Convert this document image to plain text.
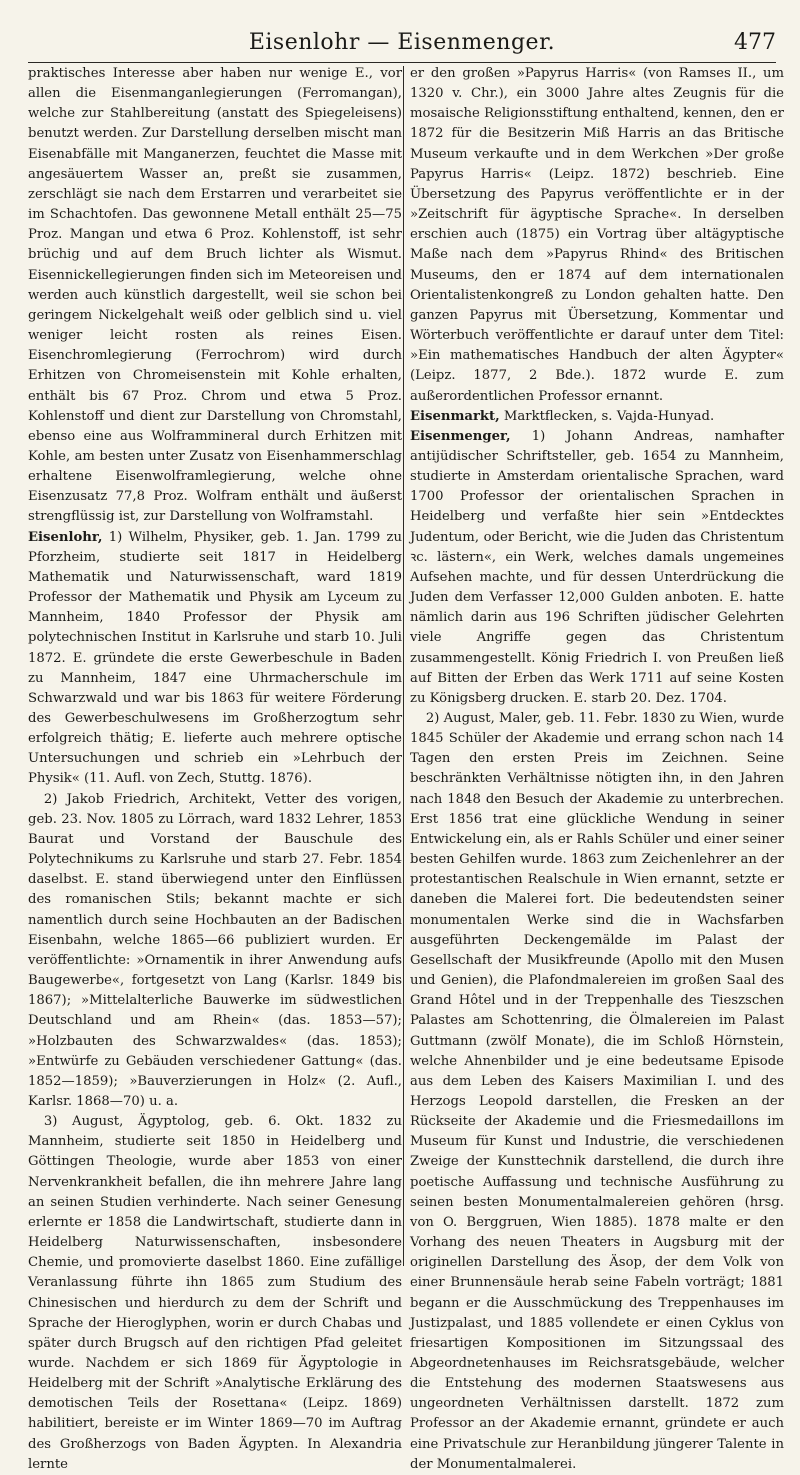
Eisenlohr — Eisenmenger.	477

praktisches Interesse aber haben nur wenige E., vor allen die Eisenmanganlegierungen (Ferromangan), welche zur Stahlbereitung (anstatt des Spiegeleisens) benutzt werden. Zur Darstellung derselben mischt man Eisenabfälle mit Manganerzen, feuchtet die Masse mit angesäuertem Wasser an, preßt sie zusammen, zerschlägt sie nach dem Erstarren und verarbeitet sie im Schachtofen. Das gewonnene Metall enthält 25—75 Proz. Mangan und etwa 6 Proz. Kohlenstoff, ist sehr brüchig und auf dem Bruch lichter als Wismut. Eisennickellegierungen finden sich im Meteoreisen und werden auch künstlich dargestellt, weil sie schon bei geringem Nickelgehalt weiß oder gelblich sind u. viel weniger leicht rosten als reines Eisen. Eisenchromlegierung (Ferrochrom) wird durch Erhitzen von Chromeisenstein mit Kohle erhalten, enthält bis 67 Proz. Chrom und etwa 5 Proz. Kohlenstoff und dient zur Darstellung von Chromstahl, ebenso eine aus Wolframmineral durch Erhitzen mit Kohle, am besten unter Zusatz von Eisenhammerschlag erhaltene Eisenwolframlegierung, welche ohne Eisenzusatz 77,8 Proz. Wolfram enthält und äußerst strengflüssig ist, zur Darstellung von Wolframstahl.

Eisenlohr, 1) Wilhelm, Physiker, geb. 1. Jan. 1799 zu Pforzheim, studierte seit 1817 in Heidelberg Mathematik und Naturwissenschaft, ward 1819 Professor der Mathematik und Physik am Lyceum zu Mannheim, 1840 Professor der Physik am polytechnischen Institut in Karlsruhe und starb 10. Juli 1872. E. gründete die erste Gewerbeschule in Baden zu Mannheim, 1847 eine Uhrmacherschule im Schwarzwald und war bis 1863 für weitere Förderung des Gewerbeschulwesens im Großherzogtum sehr erfolgreich thätig; E. lieferte auch mehrere optische Untersuchungen und schrieb ein »Lehrbuch der Physik« (11. Aufl. von Zech, Stuttg. 1876).

2) Jakob Friedrich, Architekt, Vetter des vorigen, geb. 23. Nov. 1805 zu Lörrach, ward 1832 Lehrer, 1853 Baurat und Vorstand der Bauschule des Polytechnikums zu Karlsruhe und starb 27. Febr. 1854 daselbst. E. stand überwiegend unter den Einflüssen des romanischen Stils; bekannt machte er sich namentlich durch seine Hochbauten an der Badischen Eisenbahn, welche 1865—66 publiziert wurden. Er veröffentlichte: »Ornamentik in ihrer Anwendung aufs Baugewerbe«, fortgesetzt von Lang (Karlsr. 1849 bis 1867); »Mittelalterliche Bauwerke im südwestlichen Deutschland und am Rhein« (das. 1853—57); »Holzbauten des Schwarzwaldes« (das. 1853); »Entwürfe zu Gebäuden verschiedener Gattung« (das. 1852—1859); »Bauverzierungen in Holz« (2. Aufl., Karlsr. 1868—70) u. a.

3) August, Ägyptolog, geb. 6. Okt. 1832 zu Mannheim, studierte seit 1850 in Heidelberg und Göttingen Theologie, wurde aber 1853 von einer Nervenkrankheit befallen, die ihn mehrere Jahre lang an seinen Studien verhinderte. Nach seiner Genesung erlernte er 1858 die Landwirtschaft, studierte dann in Heidelberg Naturwissenschaften, insbesondere Chemie, und promovierte daselbst 1860. Eine zufällige Veranlassung führte ihn 1865 zum Studium des Chinesischen und hierdurch zu dem der Schrift und Sprache der Hieroglyphen, worin er durch Chabas und später durch Brugsch auf den richtigen Pfad geleitet wurde. Nachdem er sich 1869 für Ägyptologie in Heidelberg mit der Schrift »Analytische Erklärung des demotischen Teils der Rosettana« (Leipz. 1869) habilitiert, bereiste er im Winter 1869—70 im Auftrag des Großherzogs von Baden Ägypten. In Alexandria lernte

er den großen »Papyrus Harris« (von Ramses II., um 1320 v. Chr.), ein 3000 Jahre altes Zeugnis für die mosaische Religionsstiftung enthaltend, kennen, den er 1872 für die Besitzerin Miß Harris an das Britische Museum verkaufte und in dem Werkchen »Der große Papyrus Harris« (Leipz. 1872) beschrieb. Eine Übersetzung des Papyrus veröffentlichte er in der »Zeitschrift für ägyptische Sprache«. In derselben erschien auch (1875) ein Vortrag über altägyptische Maße nach dem »Papyrus Rhind« des Britischen Museums, den er 1874 auf dem internationalen Orientalistenkongreß zu London gehalten hatte. Den ganzen Papyrus mit Übersetzung, Kommentar und Wörterbuch veröffentlichte er darauf unter dem Titel: »Ein mathematisches Handbuch der alten Ägypter« (Leipz. 1877, 2 Bde.). 1872 wurde E. zum außerordentlichen Professor ernannt.

Eisenmarkt, Marktflecken, s. Vajda-Hunyad.

Eisenmenger, 1) Johann Andreas, namhafter antijüdischer Schriftsteller, geb. 1654 zu Mannheim, studierte in Amsterdam orientalische Sprachen, ward 1700 Professor der orientalischen Sprachen in Heidelberg und verfaßte hier sein »Entdecktes Judentum, oder Bericht, wie die Juden das Christentum ꝛc. lästern«, ein Werk, welches damals ungemeines Aufsehen machte, und für dessen Unterdrückung die Juden dem Verfasser 12,000 Gulden anboten. E. hatte nämlich darin aus 196 Schriften jüdischer Gelehrten viele Angriffe gegen das Christentum zusammengestellt. König Friedrich I. von Preußen ließ auf Bitten der Erben das Werk 1711 auf seine Kosten zu Königsberg drucken. E. starb 20. Dez. 1704.

2) August, Maler, geb. 11. Febr. 1830 zu Wien, wurde 1845 Schüler der Akademie und errang schon nach 14 Tagen den ersten Preis im Zeichnen. Seine beschränkten Verhältnisse nötigten ihn, in den Jahren nach 1848 den Besuch der Akademie zu unterbrechen. Erst 1856 trat eine glückliche Wendung in seiner Entwickelung ein, als er Rahls Schüler und einer seiner besten Gehilfen wurde. 1863 zum Zeichenlehrer an der protestantischen Realschule in Wien ernannt, setzte er daneben die Malerei fort. Die bedeutendsten seiner monumentalen Werke sind die in Wachsfarben ausgeführten Deckengemälde im Palast der Gesellschaft der Musikfreunde (Apollo mit den Musen und Genien), die Plafondmalereien im großen Saal des Grand Hôtel und in der Treppenhalle des Tieszschen Palastes am Schottenring, die Ölmalereien im Palast Guttmann (zwölf Monate), die im Schloß Hörnstein, welche Ahnenbilder und je eine bedeutsame Episode aus dem Leben des Kaisers Maximilian I. und des Herzogs Leopold darstellen, die Fresken an der Rückseite der Akademie und die Friesmedaillons im Museum für Kunst und Industrie, die verschiedenen Zweige der Kunsttechnik darstellend, die durch ihre poetische Auffassung und technische Ausführung zu seinen besten Monumentalmalereien gehören (hrsg. von O. Berggruen, Wien 1885). 1878 malte er den Vorhang des neuen Theaters in Augsburg mit der originellen Darstellung des Äsop, der dem Volk von einer Brunnensäule herab seine Fabeln vorträgt; 1881 begann er die Ausschmückung des Treppenhauses im Justizpalast, und 1885 vollendete er einen Cyklus von friesartigen Kompositionen im Sitzungssaal des Abgeordnetenhauses im Reichsratsgebäude, welcher die Entstehung des modernen Staatswesens aus ungeordneten Verhältnissen darstellt. 1872 zum Professor an der Akademie ernannt, gründete er auch eine Privatschule zur Heranbildung jüngerer Talente in der Monumentalmalerei.
